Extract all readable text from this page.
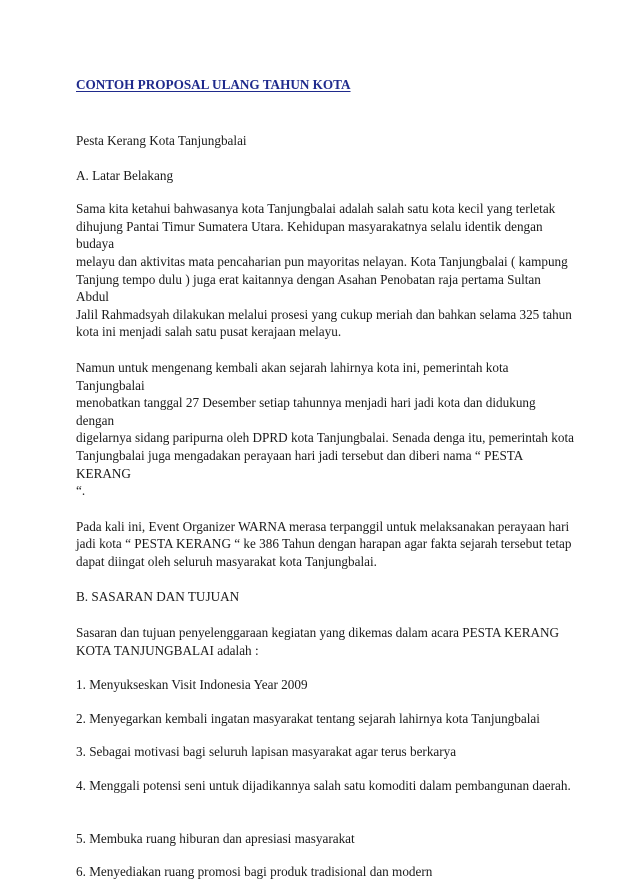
CONTOH PROPOSAL ULANG TAHUN KOTA

Pesta Kerang Kota Tanjungbalai

A. Latar Belakang

Sama kita ketahui bahwasanya kota Tanjungbalai adalah salah satu kota kecil yang terletak
dihujung Pantai Timur Sumatera Utara. Kehidupan masyarakatnya selalu identik dengan budaya
melayu dan aktivitas mata pencaharian pun mayoritas nelayan. Kota Tanjungbalai ( kampung
Tanjung tempo dulu ) juga erat kaitannya dengan Asahan Penobatan raja pertama Sultan Abdul
Jalil Rahmadsyah dilakukan melalui prosesi yang cukup meriah dan bahkan selama 325 tahun
kota ini menjadi salah satu pusat kerajaan melayu.

Namun untuk mengenang kembali akan sejarah lahirnya kota ini, pemerintah kota Tanjungbalai
menobatkan tanggal 27 Desember setiap tahunnya menjadi hari jadi kota dan didukung dengan
digelarnya sidang paripurna oleh DPRD kota Tanjungbalai. Senada denga itu, pemerintah kota
Tanjungbalai juga mengadakan perayaan hari jadi tersebut dan diberi nama “ PESTA KERANG
“.

Pada kali ini, Event Organizer WARNA merasa terpanggil untuk melaksanakan perayaan hari
jadi kota “ PESTA KERANG “ ke 386 Tahun dengan harapan agar fakta sejarah tersebut tetap
dapat diingat oleh seluruh masyarakat kota Tanjungbalai.

B. SASARAN DAN TUJUAN

Sasaran dan tujuan penyelenggaraan kegiatan yang dikemas dalam acara PESTA KERANG
KOTA TANJUNGBALAI adalah :

1. Menyukseskan Visit Indonesia Year 2009

2. Menyegarkan kembali ingatan masyarakat tentang sejarah lahirnya kota Tanjungbalai

3. Sebagai motivasi bagi seluruh lapisan masyarakat agar terus berkarya

4. Menggali potensi seni untuk dijadikannya salah satu komoditi dalam pembangunan daerah.

5. Membuka ruang hiburan dan apresiasi masyarakat

6. Menyediakan ruang promosi bagi produk tradisional dan modern
